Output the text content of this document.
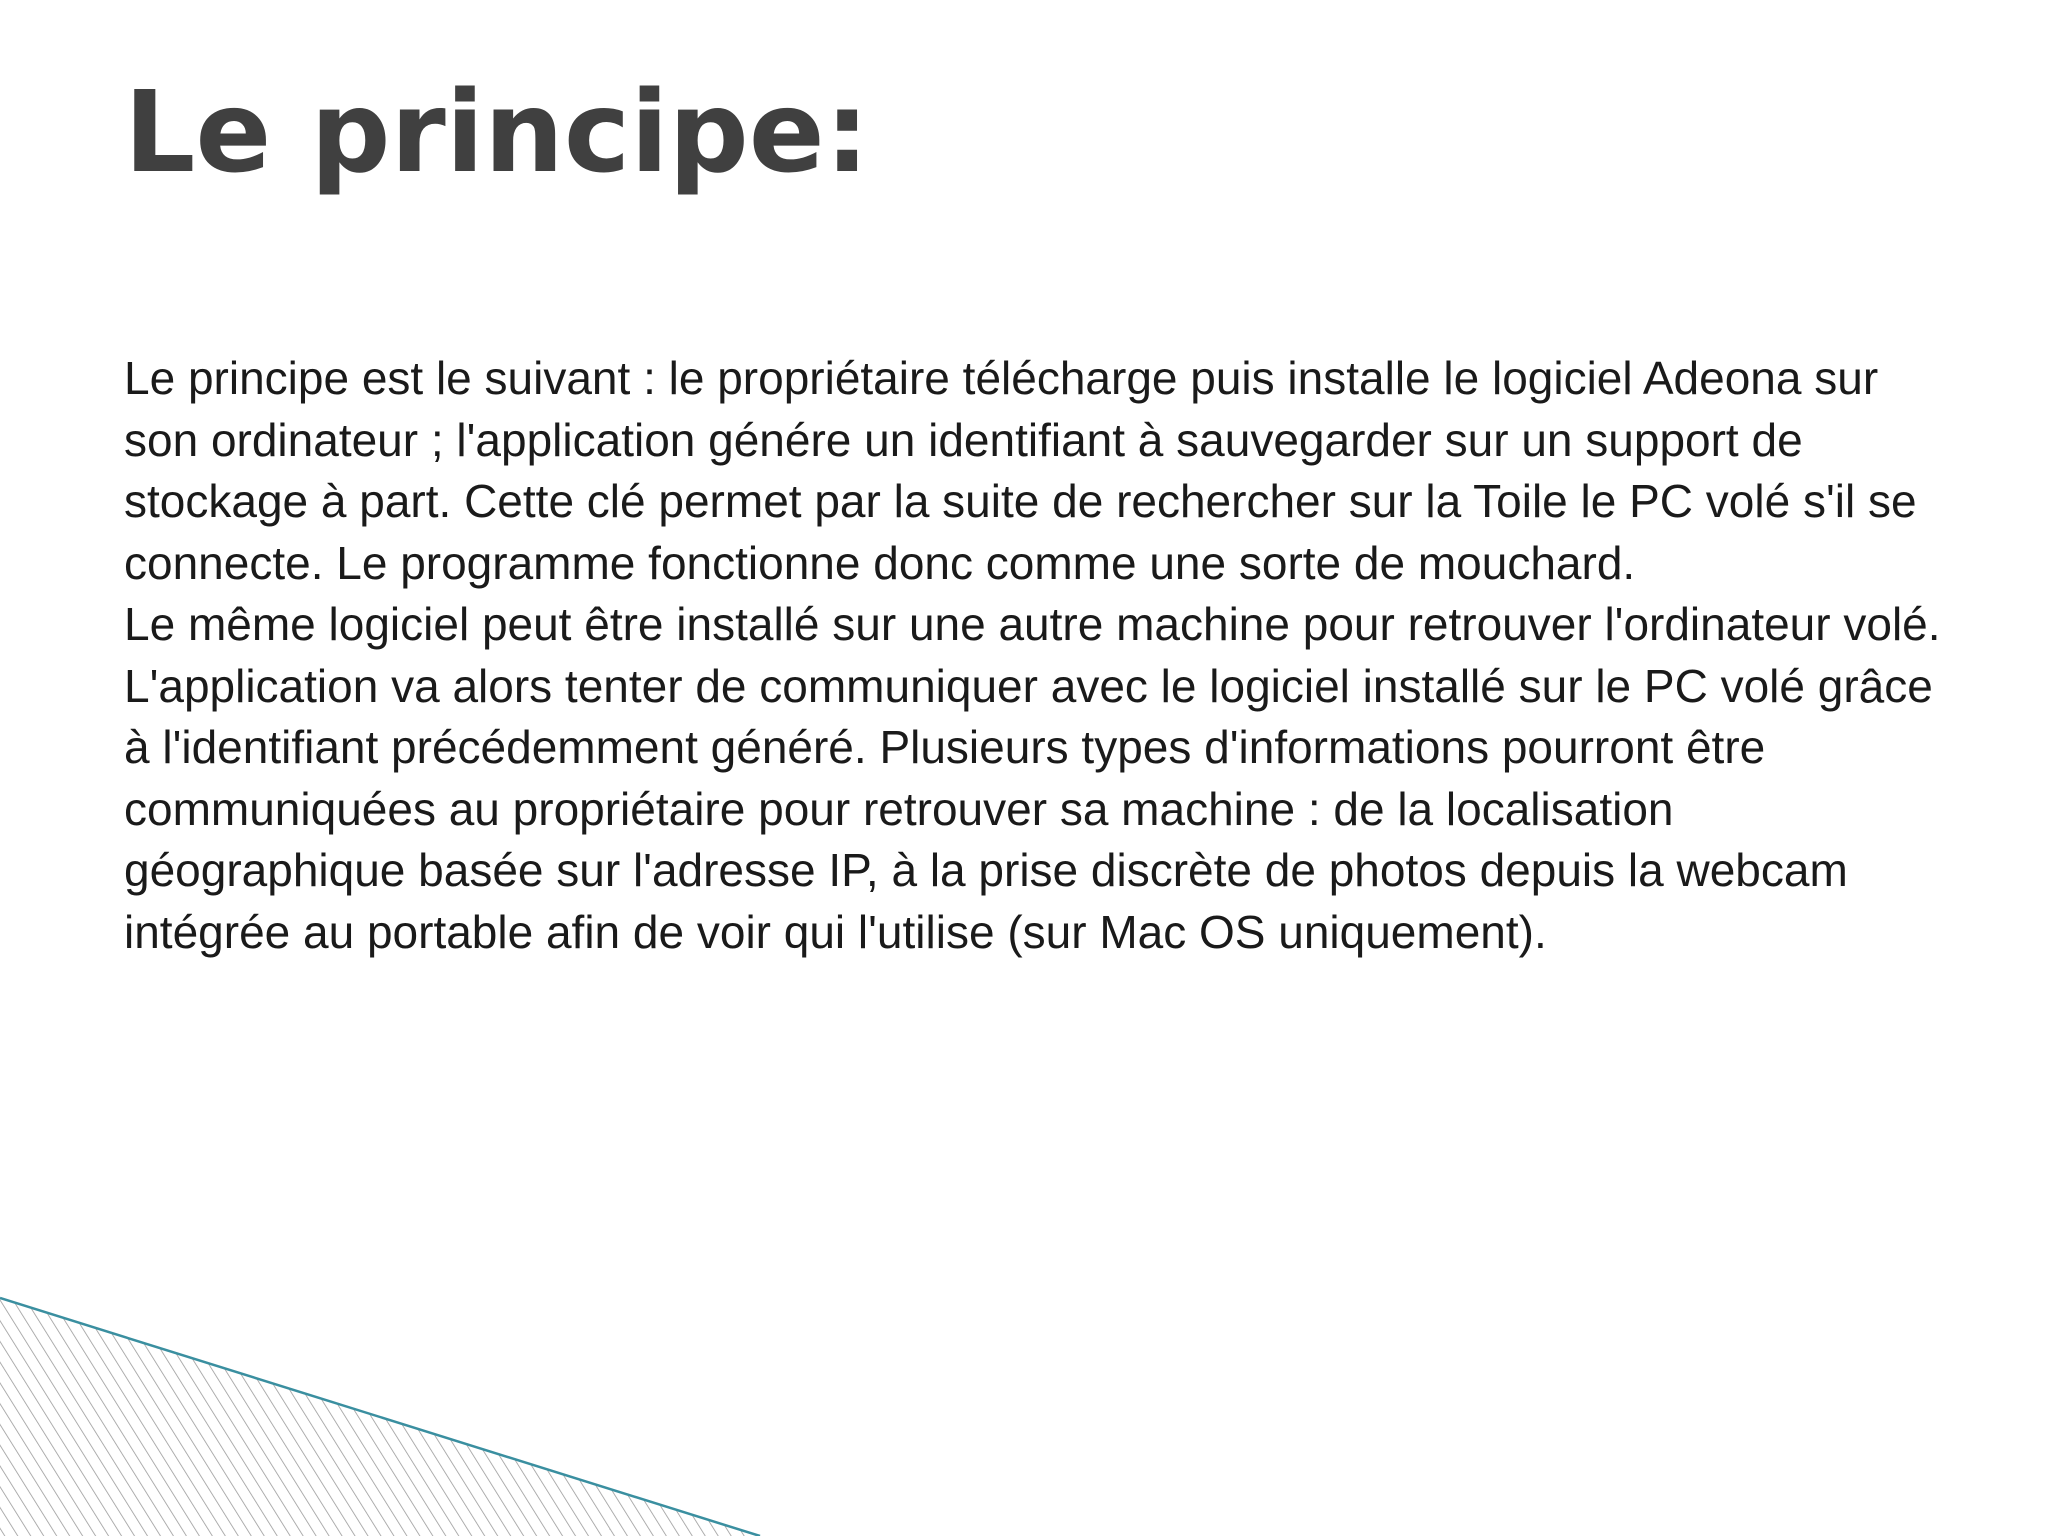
Le principe:

Le principe est le suivant : le propriétaire télécharge puis installe le logiciel Adeona sur son ordinateur ; l'application génére un identifiant à sauvegarder sur un support de stockage à part. Cette clé permet par la suite de rechercher sur la Toile le PC volé s'il se connecte. Le programme fonctionne donc comme une sorte de mouchard.

Le même logiciel peut être installé sur une autre machine pour retrouver l'ordinateur volé. L'application va alors tenter de communiquer avec le logiciel installé sur le PC volé grâce à l'identifiant précédemment généré. Plusieurs types d'informations pourront être communiquées au propriétaire pour retrouver sa machine : de la localisation géographique basée sur l'adresse IP, à la prise discrète de photos depuis la webcam intégrée au portable afin de voir qui l'utilise (sur Mac OS uniquement).
